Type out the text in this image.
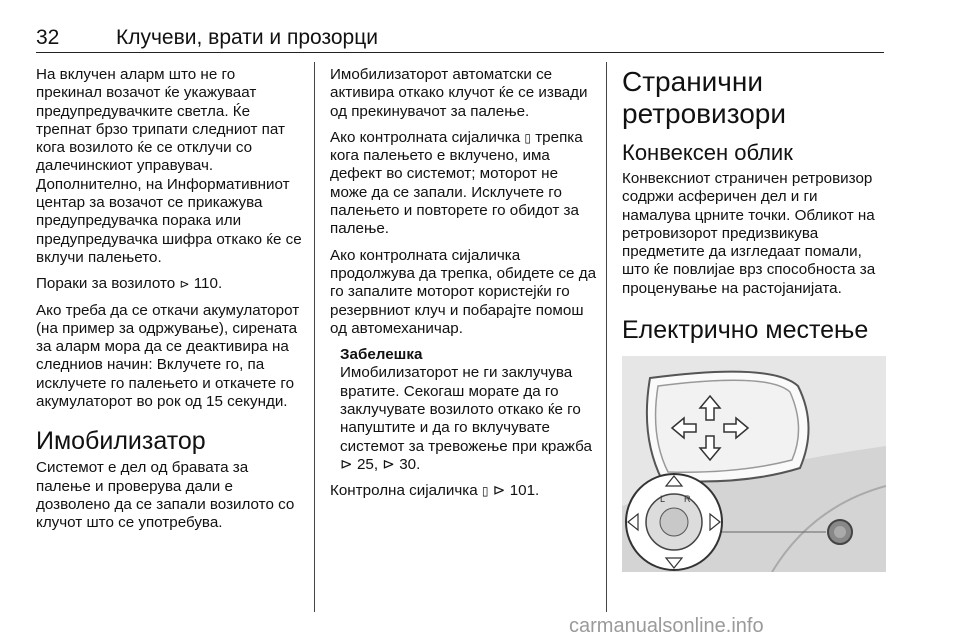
32	Клучеви, врати и прозорци

На вклучен аларм што не го прекинал возачот ќе укажуваат предупредувачките светла. Ќе трепнат брзо трипати следниот пат кога возилото ќе се отклучи со далечинскиот управувач. Дополнително, на Информативниот центар за возачот се прикажува предупредувачка порака или предупредувачка шифра откако ќе се вклучи палењето.

Пораки за возилото ⊳ 110.

Ако треба да се откачи акумулаторот (на пример за одржување), сирената за аларм мора да се деактивира на следниов начин: Вклучете го, па исклучете го палењето и откачете го акумулаторот во рок од 15 секунди.

Имобилизатор

Системот е дел од бравата за палење и проверува дали е дозволено да се запали возилото со клучот што се употребува.

Имобилизаторот автоматски се активира откако клучот ќе се извади од прекинувачот за палење.

Ако контролната сијаличка ▯ трепка кога палењето е вклучено, има дефект во системот; моторот не може да се запали. Исклучете го палењето и повторете го обидот за палење.

Ако контролната сијаличка продолжува да трепка, обидете се да го запалите моторот користејќи го резервниот клуч и побарајте помош од автомеханичар.

Забелешка

Имобилизаторот не ги заклучува вратите. Секогаш морате да го заклучувате возилото откако ќе го напуштите и да го вклучувате системот за тревожење при кражба ⊳ 25, ⊳ 30.

Контролна сијаличка ▯ ⊳ 101.

Странични ретровизори
Конвексен облик

Конвексниот страничен ретровизор содржи асферичен дел и ги намалува црните точки. Обликот на ретровизорот предизвикува предметите да изгледаат помали, што ќе повлијае врз способноста за проценување на растојанијата.

Електрично местење
L R
carmanualsonline.info
